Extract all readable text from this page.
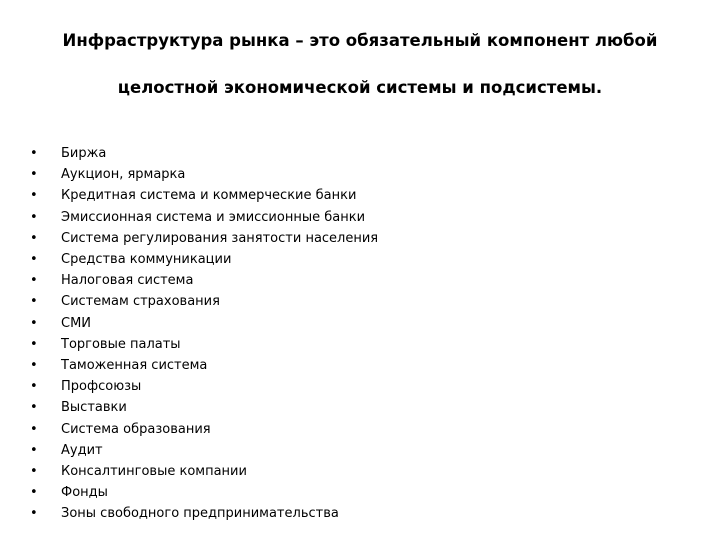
Инфраструктура рынка – это обязательный компонент любой

целостной экономической системы и подсистемы.

•	Биржа
•	Аукцион, ярмарка
•	Кредитная система и коммерческие банки
•	Эмиссионная система и эмиссионные банки
•	Система регулирования занятости населения
•	Средства коммуникации
•	Налоговая система
•	Системам страхования
•	СМИ
•	Торговые палаты
•	Таможенная система
•	Профсоюзы
•	Выставки
•	Система образования
•	Аудит
•	Консалтинговые компании
•	Фонды
•	Зоны свободного предпринимательства
